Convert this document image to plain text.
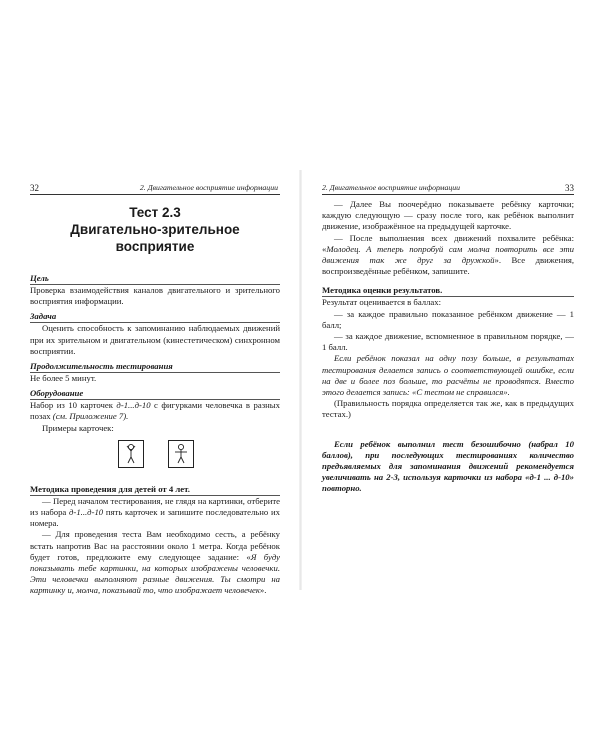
32	2. Двигательное восприятие информации
Тест 2.3
Двигательно-зрительное восприятие
Цель

Проверка взаимодействия каналов двигательного и зрительного восприятия информации.

Задача

Оценить способность к запоминанию наблюдаемых движений при их зрительном и двигательном (кинестетическом) синхронном восприятии.

Продолжительность тестирования

Не более 5 минут.

Оборудование

Набор из 10 карточек д-1...д-10 с фигурками человечка в разных позах (см. Приложение 7).

Примеры карточек:

Методика проведения для детей от 4 лет.

— Перед началом тестирования, не глядя на картинки, отберите из набора д-1...д-10 пять карточек и запишите последовательно их номера.

— Для проведения теста Вам необходимо сесть, а ребёнку встать напротив Вас на расстоянии около 1 метра. Когда ребёнок будет готов, предложите ему следующее задание: «Я буду показывать тебе картинки, на которых изображены человечки. Эти человечки выполняют разные движения. Ты смотри на картинку и, молча, показывай то, что изображает человечек».

2. Двигательное восприятие информации	33

— Далее Вы поочерёдно показываете ребёнку карточки; каждую следующую — сразу после того, как ребёнок выполнит движение, изображённое на предыдущей карточке.

— После выполнения всех движений похвалите ребёнка: «Молодец. А теперь попробуй сам молча повторить все эти движения так же друг за дружкой». Все движения, воспроизведённые ребёнком, запишите.

Методика оценки результатов.

Результат оценивается в баллах:

— за каждое правильно показанное ребёнком движение — 1 балл;

— за каждое движение, вспомненное в правильном порядке, — 1 балл.

Если ребёнок показал на одну позу больше, в результатах тестирования делается запись о соответствующей ошибке, если на две и более поз больше, то расчёты не проводятся. Вместо этого делается запись: «С тестом не справился».

(Правильность порядка определяется так же, как в предыдущих тестах.)

Если ребёнок выполнил тест безошибочно (набрал 10 баллов), при последующих тестированиях количество предъявляемых для запоминания движений рекомендуется увеличивать на 2-3, используя карточки из набора «д-1 ... д-10» повторно.
